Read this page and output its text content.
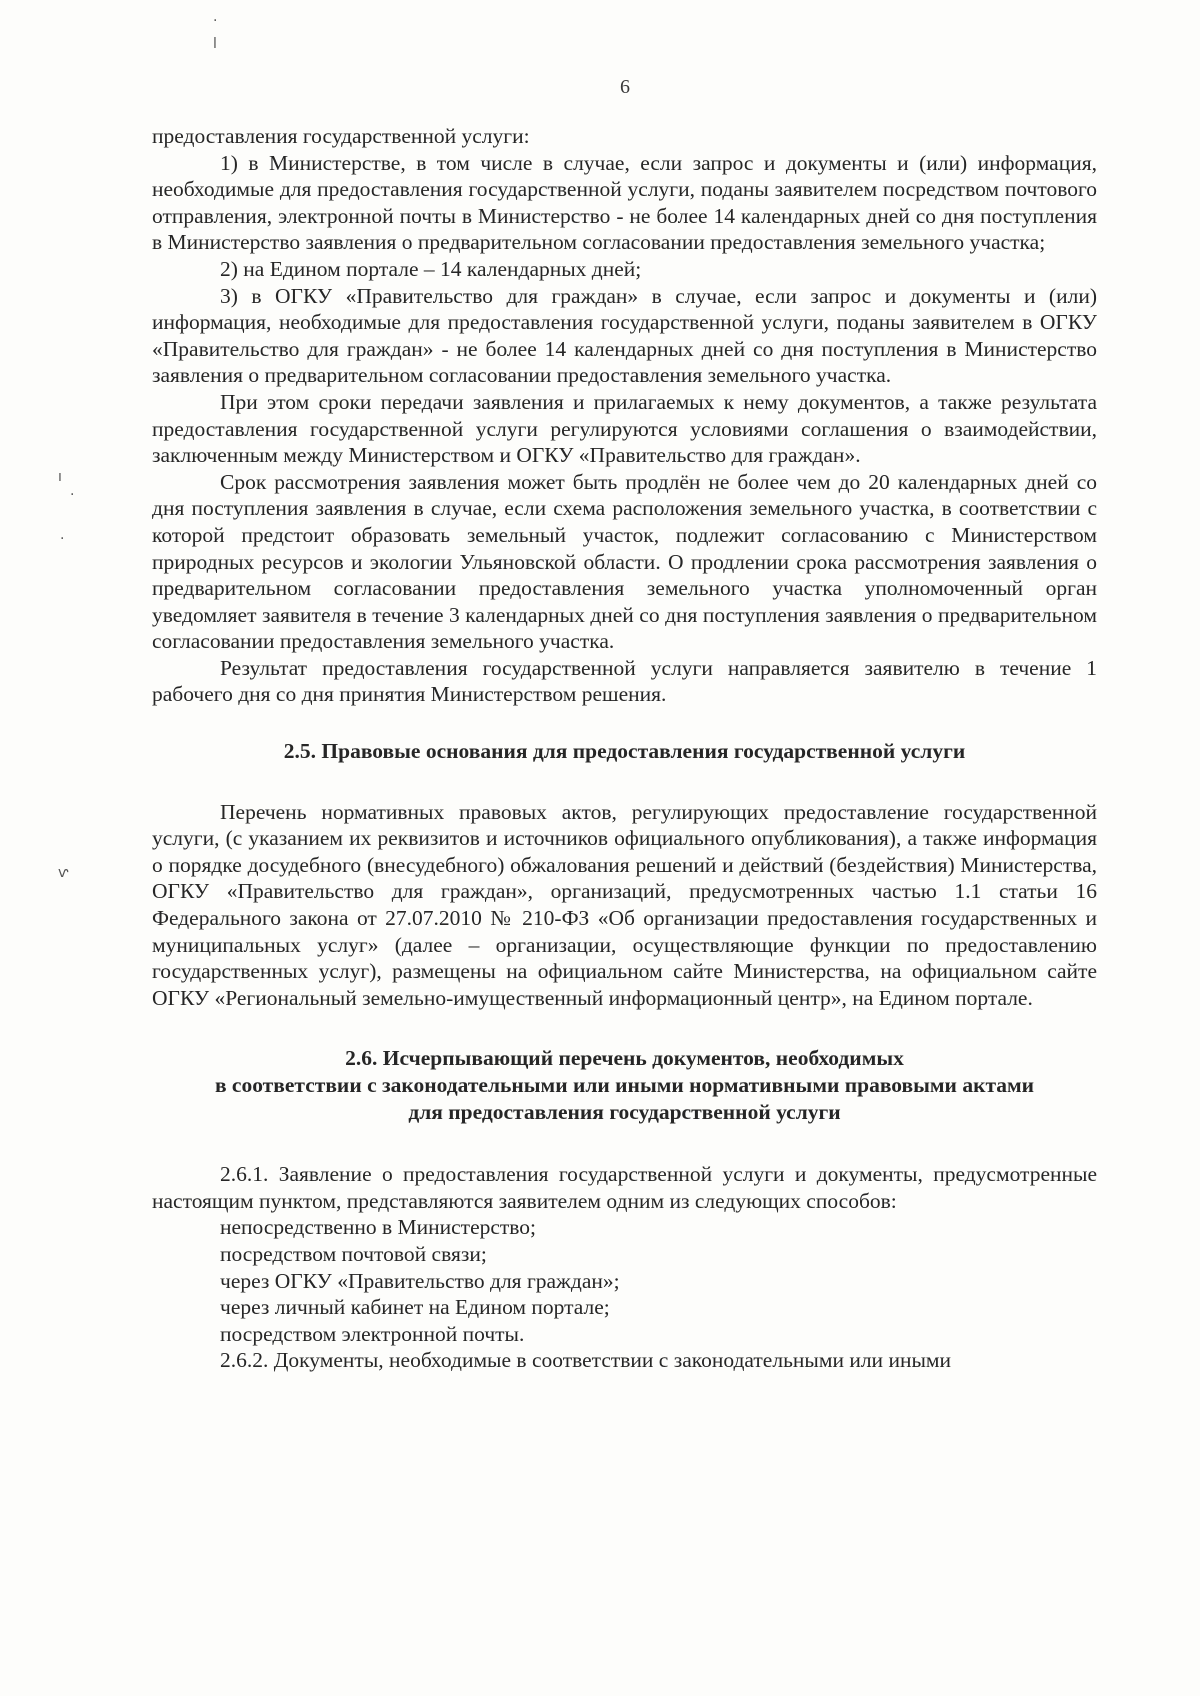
·
ꞁ
ı
·
·
ⱱ
6

предоставления государственной услуги:

1) в Министерстве, в том числе в случае, если запрос и документы и (или) информация, необходимые для предоставления государственной услуги, поданы заявителем посредством почтового отправления, электронной почты в Министерство - не более 14 календарных дней со дня поступления в Министерство заявления о предварительном согласовании предоставления земельного участка;

2) на Едином портале – 14 календарных дней;

3) в ОГКУ «Правительство для граждан» в случае, если запрос и документы и (или) информация, необходимые для предоставления государственной услуги, поданы заявителем в ОГКУ «Правительство для граждан» - не более 14 календарных дней со дня поступления в Министерство заявления о предварительном согласовании предоставления земельного участка.

При этом сроки передачи заявления и прилагаемых к нему документов, а также результата предоставления государственной услуги регулируются условиями соглашения о взаимодействии, заключенным между Министерством и ОГКУ «Правительство для граждан».

Срок рассмотрения заявления может быть продлён не более чем до 20 календарных дней со дня поступления заявления в случае, если схема расположения земельного участка, в соответствии с которой предстоит образовать земельный участок, подлежит согласованию с Министерством природных ресурсов и экологии Ульяновской области. О продлении срока рассмотрения заявления о предварительном согласовании предоставления земельного участка уполномоченный орган уведомляет заявителя в течение 3 календарных дней со дня поступления заявления о предварительном согласовании предоставления земельного участка.

Результат предоставления государственной услуги направляется заявителю в течение 1 рабочего дня со дня принятия Министерством решения.

2.5. Правовые основания для предоставления государственной услуги

Перечень нормативных правовых актов, регулирующих предоставление государственной услуги, (с указанием их реквизитов и источников официального опубликования), а также информация о порядке досудебного (внесудебного) обжалования решений и действий (бездействия) Министерства, ОГКУ «Правительство для граждан», организаций, предусмотренных частью 1.1 статьи 16 Федерального закона от 27.07.2010 № 210-ФЗ «Об организации предоставления государственных и муниципальных услуг» (далее – организации, осуществляющие функции по предоставлению государственных услуг), размещены на официальном сайте Министерства, на официальном сайте ОГКУ «Региональный земельно-имущественный информационный центр», на Едином портале.

2.6. Исчерпывающий перечень документов, необходимых
в соответствии с законодательными или иными нормативными правовыми актами
для предоставления государственной услуги

2.6.1. Заявление о предоставления государственной услуги и документы, предусмотренные настоящим пунктом, представляются заявителем одним из следующих способов:

непосредственно в Министерство;

посредством почтовой связи;

через ОГКУ «Правительство для граждан»;

через личный кабинет на Едином портале;

посредством электронной почты.

2.6.2. Документы, необходимые в соответствии с законодательными или иными
